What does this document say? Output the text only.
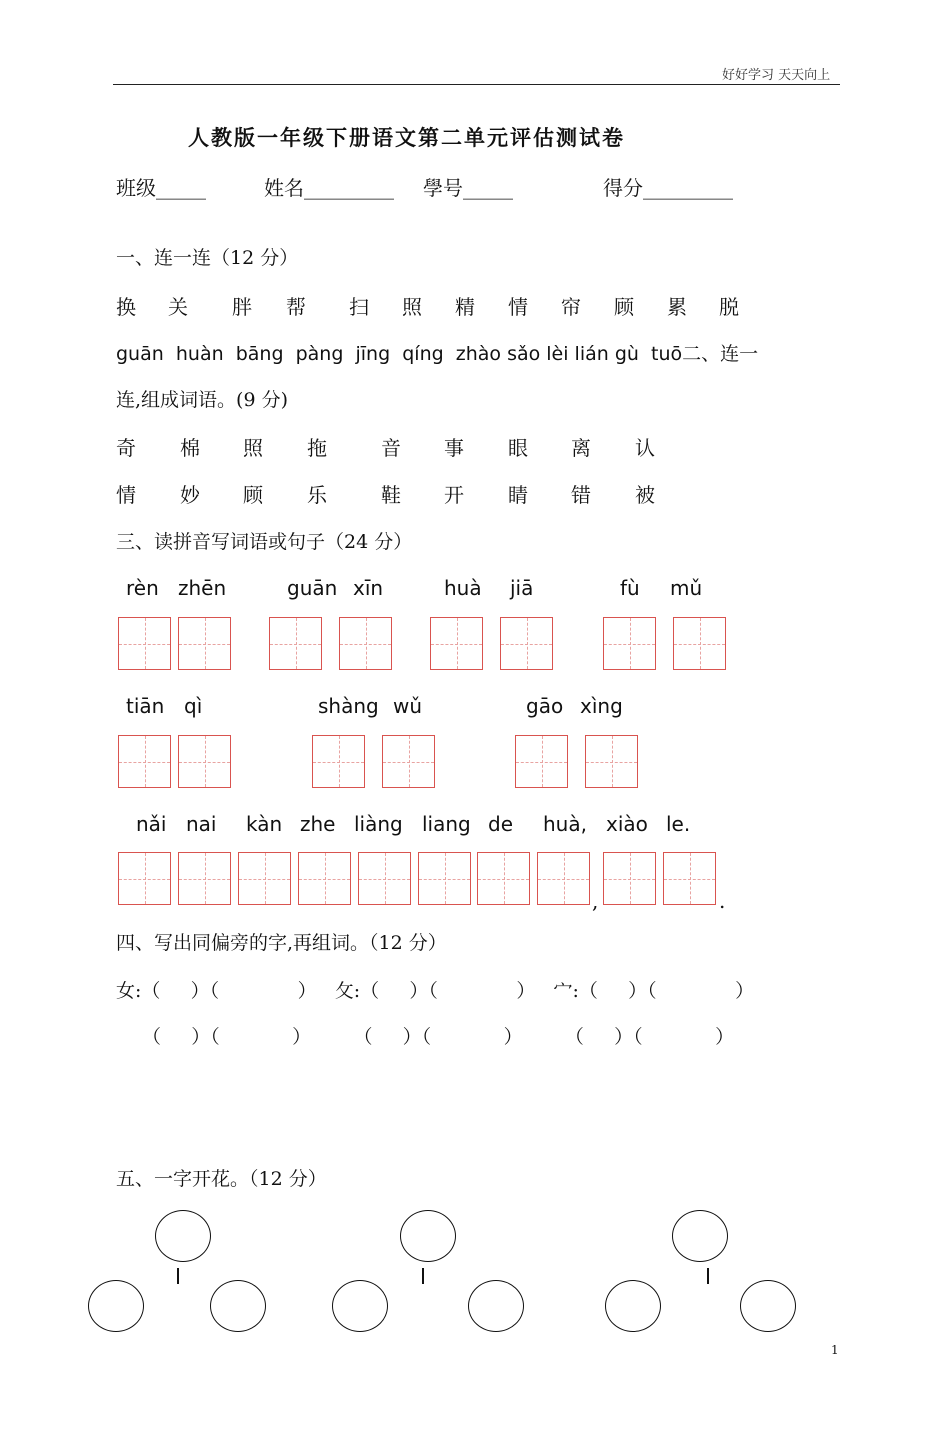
好好学习 天天向上
人教版一年级下册语文第二单元评估测试卷
班级_____	姓名_________ 學号_____	得分_________
一、连一连（12 分）
换 关 胖 帮 扫 照 精 情 帘 顾 累 脱
guān  huàn  bāng  pàng  jīng  qíng  zhào sǎo lèi lián gù  tuō二、连一
连,组成词语。(9 分)
奇 棉 照 拖	音 事 眼 离 认
情 妙 顾 乐	鞋 开 睛 错 被
三、读拼音写词语或句子（24 分）
rèn zhēn	guān xīn	huà jiā	fù mǔ
tiān qì	shàng wǔ	gāo xìng
nǎi nai kàn zhe liàng liang de huà, xiào le.
,	.
四、写出同偏旁的字,再组词。（12 分）
女:（     ）（             ）   攵:（     ）（             ）   宀:（     ）（             ）
（     ）（            ）       （     ）（            ）       （     ）（            ）
五、一字开花。（12 分）
1
